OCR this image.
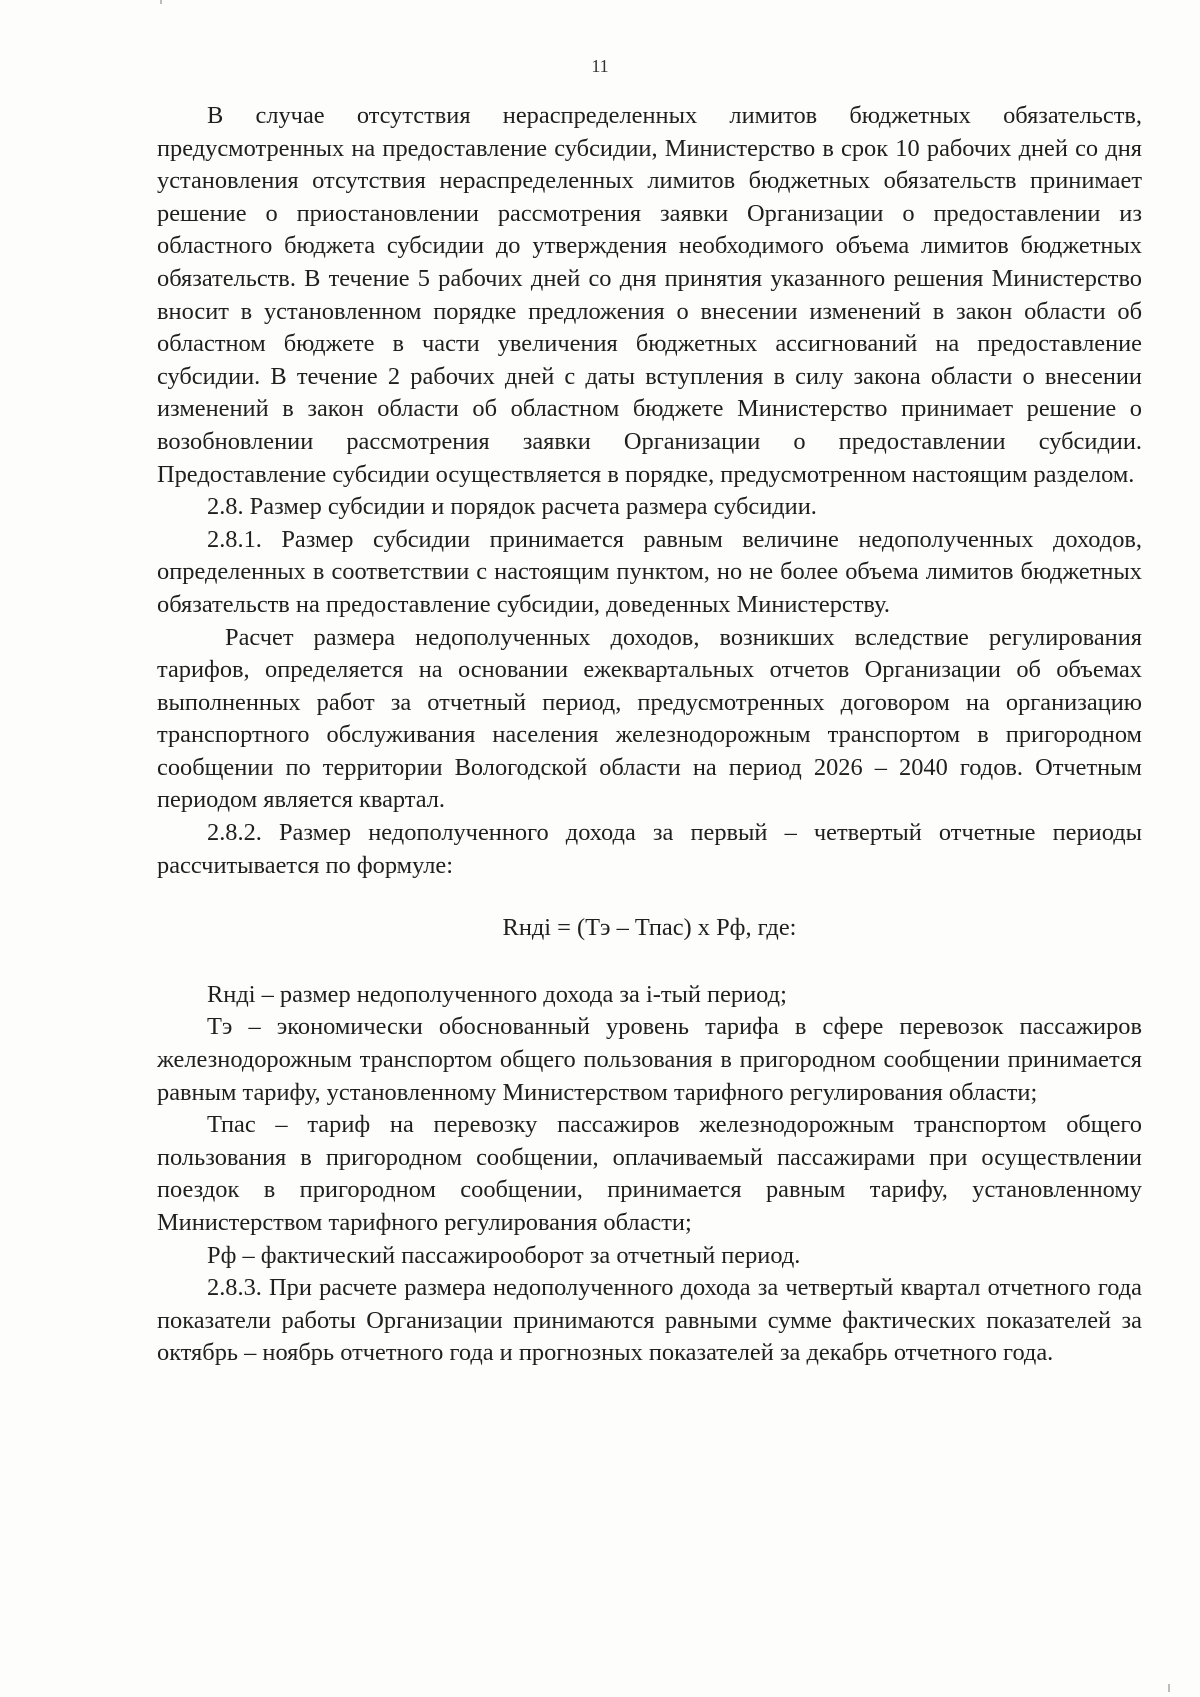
11

В случае отсутствия нераспределенных лимитов бюджетных обязательств, предусмотренных на предоставление субсидии, Министерство в срок 10 рабочих дней со дня установления отсутствия нераспределенных лимитов бюджетных обязательств принимает решение о приостановлении рассмотрения заявки Организации о предоставлении из областного бюджета субсидии до утверждения необходимого объема лимитов бюджетных обязательств. В течение 5 рабочих дней со дня принятия указанного решения Министерство вносит в установленном порядке предложения о внесении изменений в закон области об областном бюджете в части увеличения бюджетных ассигнований на предоставление субсидии. В течение 2 рабочих дней с даты вступления в силу закона области о внесении изменений в закон области об областном бюджете Министерство принимает решение о возобновлении рассмотрения заявки Организации о предоставлении субсидии. Предоставление субсидии осуществляется в порядке, предусмотренном настоящим разделом.

2.8. Размер субсидии и порядок расчета размера субсидии.

2.8.1. Размер субсидии принимается равным величине недополученных доходов, определенных в соответствии с настоящим пунктом, но не более объема лимитов бюджетных обязательств на предоставление субсидии, доведенных Министерству.

Расчет размера недополученных доходов, возникших вследствие регулирования тарифов, определяется на основании ежеквартальных отчетов Организации об объемах выполненных работ за отчетный период, предусмотренных договором на организацию транспортного обслуживания населения железнодорожным транспортом в пригородном сообщении по территории Вологодской области на период 2026 – 2040 годов. Отчетным периодом является квартал.

2.8.2. Размер недополученного дохода за первый – четвертый отчетные периоды рассчитывается по формуле:

Rндi = (Тэ – Тпас) х Рф, где:

Rндi – размер недополученного дохода за i-тый период;

Тэ – экономически обоснованный уровень тарифа в сфере перевозок пассажиров железнодорожным транспортом общего пользования в пригородном сообщении принимается равным тарифу, установленному Министерством тарифного регулирования области;

Тпас – тариф на перевозку пассажиров железнодорожным транспортом общего пользования в пригородном сообщении, оплачиваемый пассажирами при осуществлении поездок в пригородном сообщении, принимается равным тарифу, установленному Министерством тарифного регулирования области;

Рф – фактический пассажирооборот за отчетный период.

2.8.3. При расчете размера недополученного дохода за четвертый квартал отчетного года показатели работы Организации принимаются равными сумме фактических показателей за октябрь – ноябрь отчетного года и прогнозных показателей за декабрь отчетного года.
